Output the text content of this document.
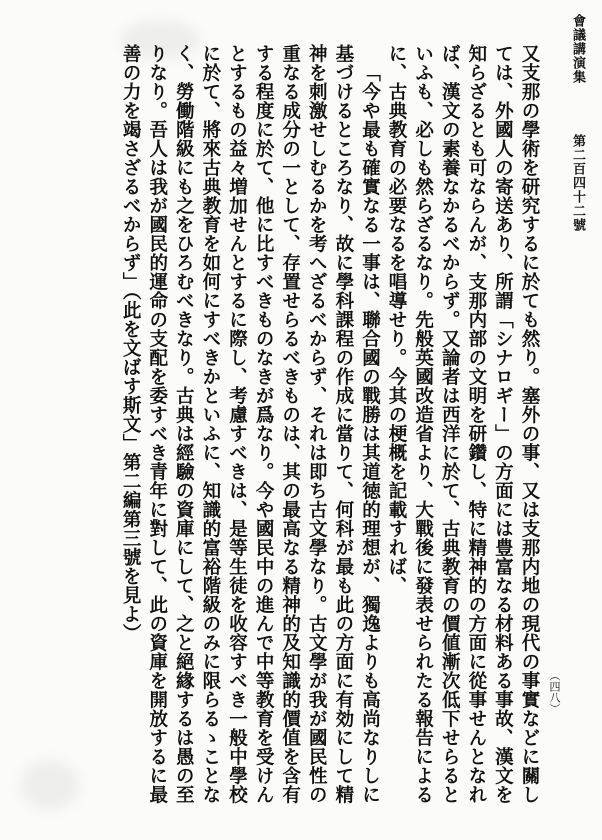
會議講演集  第二百四十二號
（四八）

又支那の學術を研究するに於ても然り。塞外の事、又は支那内地の現代の事實などに關しては、外國人の寄送あり、所謂「シナロギー」の方面には豊富なる材料ある事故、漢文を知らざるとも可ならんが、支那内部の文明を研鑽し、特に精神的の方面に從事せんとなれば、漢文の素養なかるべからず。又論者は西洋に於て、古典教育の價値漸次低下せらるといふも、必しも然らざるなり。先般英國改造省より、大戰後に發表せられたる報告によるに、古典教育の必要なるを唱導せり。今其の梗概を記載すれば、

「今や最も確實なる一事は、聯合國の戰勝は其道徳的理想が、獨逸よりも高尚なりしに基づけるところなり、故に學科課程の作成に當りて、何科が最も此の方面に有効にして精神を刺激せしむるかを考へざるべからず、それは即ち古文學なり。古文學が我が國民性の重なる成分の一として、存置せらるべきものは、其の最高なる精神的及知識的價值を含有する程度に於て、他に比すべきものなきが爲なり。今や國民中の進んで中等教育を受けんとするもの益々増加せんとするに際し、考慮すべきは、是等生徒を收容すべき一般中學校に於て、將來古典教育を如何にすべきかといふに、知識的富裕階級のみに限らるゝことなく、勞働階級にも之をひろむべきなり。古典は經驗の資庫にして、之と絕緣するは愚の至りなり。吾人は我が國民的運命の支配を委すべき青年に對して、此の資庫を開放するに最善の力を竭さざるべからず」（此を文ばす斯文」第二編第三號を見よ）
